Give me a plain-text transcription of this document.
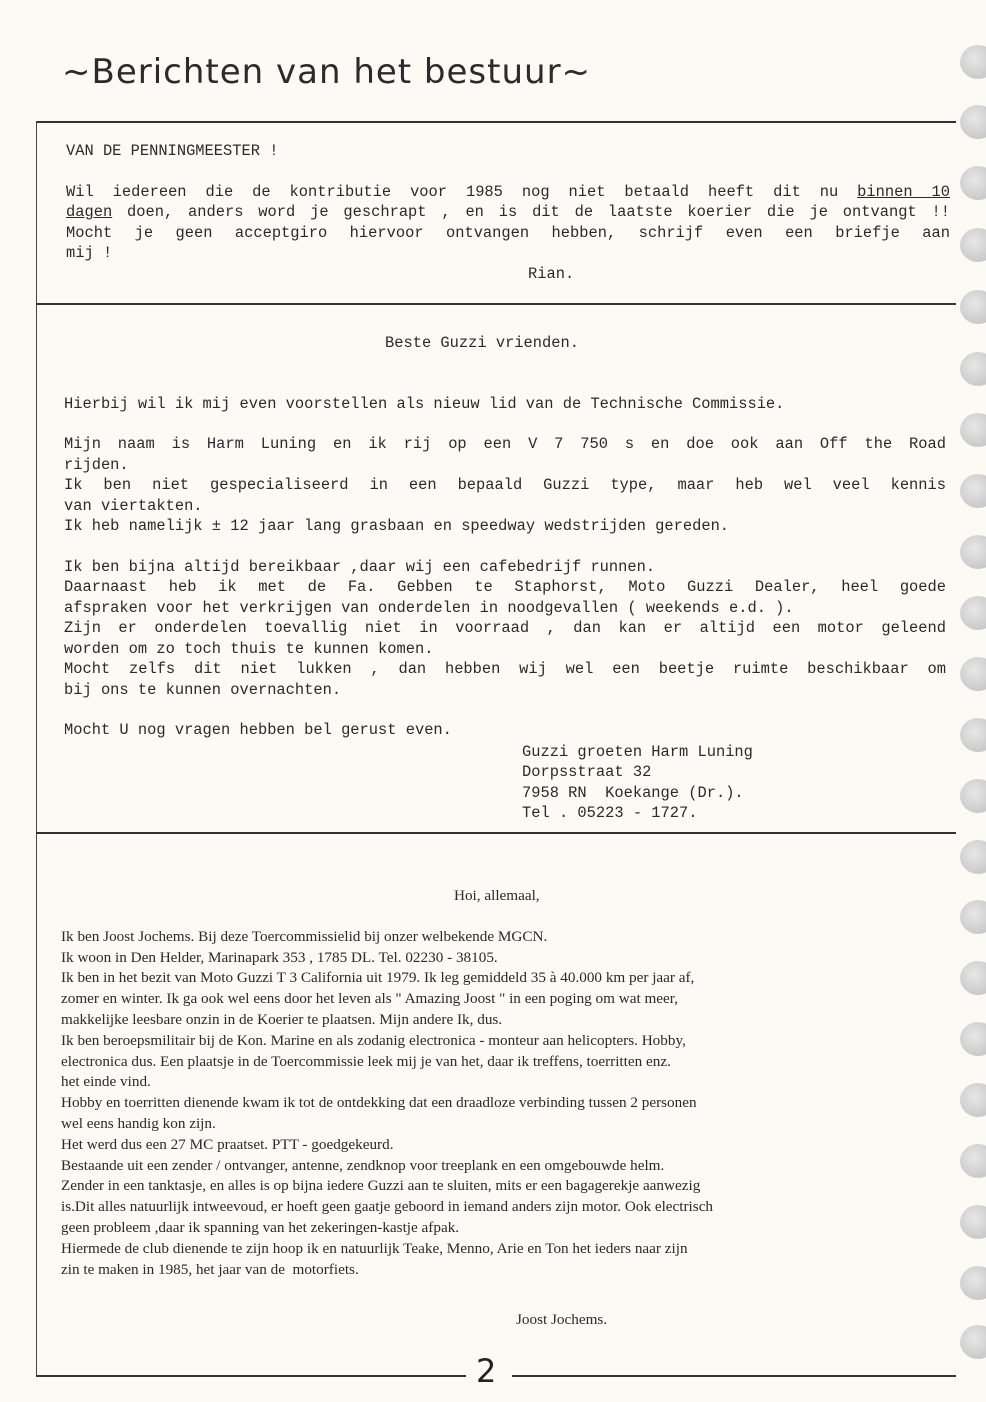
~Berichten van het bestuur~
2
VAN DE PENNINGMEESTER !
Wil iedereen die de kontributie voor 1985 nog niet betaald heeft dit nu binnen 10
dagen doen, anders word je geschrapt , en is dit de laatste koerier die je ontvangt !!
Mocht je geen acceptgiro hiervoor ontvangen hebben, schrijf even een briefje aan
mij !
Rian.
Beste Guzzi vrienden.
Hierbij wil ik mij even voorstellen als nieuw lid van de Technische Commissie.
Mijn naam is Harm Luning en ik rij op een V 7 750 s en doe ook aan Off the Road
rijden.
Ik ben niet gespecialiseerd in een bepaald Guzzi type, maar heb wel veel kennis
van viertakten.
Ik heb namelijk ± 12 jaar lang grasbaan en speedway wedstrijden gereden.
Ik ben bijna altijd bereikbaar ,daar wij een cafebedrijf runnen.
Daarnaast heb ik met de Fa. Gebben te Staphorst, Moto Guzzi Dealer, heel goede
afspraken voor het verkrijgen van onderdelen in noodgevallen ( weekends e.d. ).
Zijn er onderdelen toevallig niet in voorraad , dan kan er altijd een motor geleend
worden om zo toch thuis te kunnen komen.
Mocht zelfs dit niet lukken , dan hebben wij wel een beetje ruimte beschikbaar om
bij ons te kunnen overnachten.
Mocht U nog vragen hebben bel gerust even.
Guzzi groeten Harm Luning
Dorpsstraat 32
7958 RN  Koekange (Dr.).
Tel . 05223 - 1727.
Hoi, allemaal,
Ik ben Joost Jochems. Bij deze Toercommissielid bij onzer welbekende MGCN.
Ik woon in Den Helder, Marinapark 353 , 1785 DL. Tel. 02230 - 38105.
Ik ben in het bezit van Moto Guzzi T 3 California uit 1979. Ik leg gemiddeld 35 à 40.000 km per jaar af,
zomer en winter. Ik ga ook wel eens door het leven als " Amazing Joost " in een poging om wat meer,
makkelijke leesbare onzin in de Koerier te plaatsen. Mijn andere Ik, dus.
Ik ben beroepsmilitair bij de Kon. Marine en als zodanig electronica - monteur aan helicopters. Hobby,
electronica dus. Een plaatsje in de Toercommissie leek mij je van het, daar ik treffens, toerritten enz.
het einde vind.
Hobby en toerritten dienende kwam ik tot de ontdekking dat een draadloze verbinding tussen 2 personen
wel eens handig kon zijn.
Het werd dus een 27 MC praatset. PTT - goedgekeurd.
Bestaande uit een zender / ontvanger, antenne, zendknop voor treeplank en een omgebouwde helm.
Zender in een tanktasje, en alles is op bijna iedere Guzzi aan te sluiten, mits er een bagagerekje aanwezig
is.Dit alles natuurlijk intweevoud, er hoeft geen gaatje geboord in iemand anders zijn motor. Ook electrisch
geen probleem ,daar ik spanning van het zekeringen-kastje afpak.
Hiermede de club dienende te zijn hoop ik en natuurlijk Teake, Menno, Arie en Ton het ieders naar zijn
zin te maken in 1985, het jaar van de  motorfiets.
Joost Jochems.
